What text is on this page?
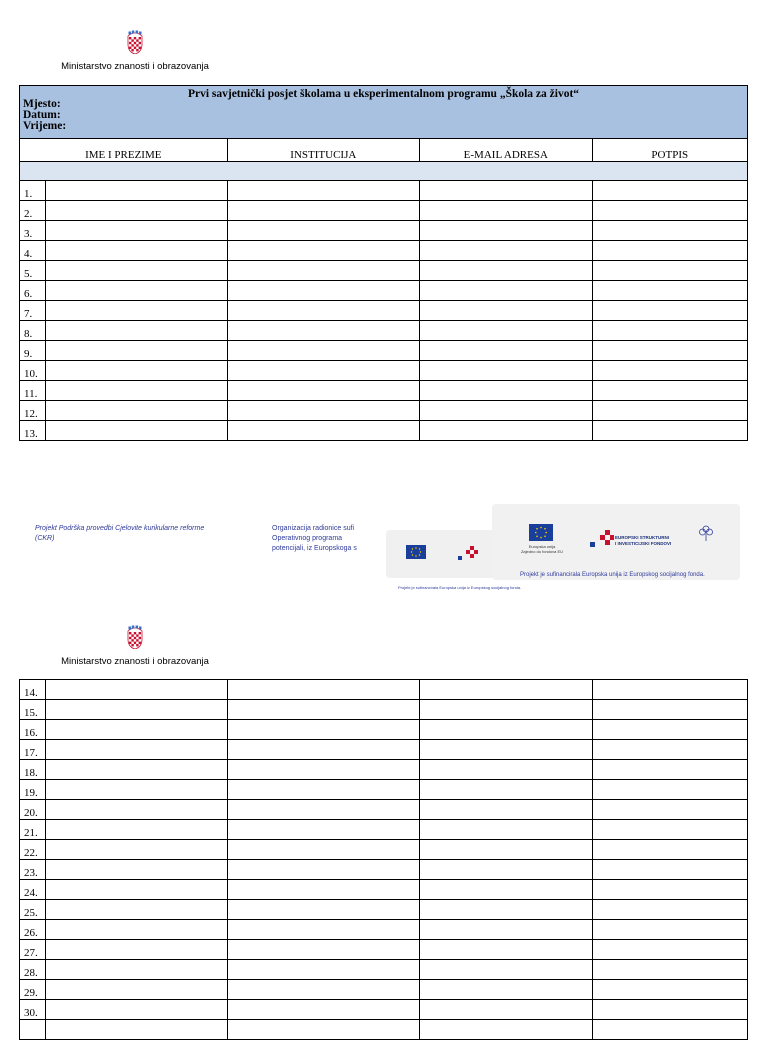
Ministarstvo znanosti i obrazovanja
Prvi savjetnički posjet školama u eksperimentalnom programu „Škola za život“
Mjesto:
Datum:
Vrijeme:				

IME I PREZIME		INSTITUCIJA	E-MAIL ADRESA	POTPIS

1.				
2.				
3.				
4.				
5.				
6.				
7.				
8.				
9.				
10.				
11.				
12.				
13.				
Projekt Podrška provedbi Cjelovite kurikularne reforme (CKR)
Organizacija radionice sufi
Operativnog programa
potencijali, iz Europskoga s	Europska unija
Zajedno do fondova EU
EUROPSKI STRUKTURNI
I INVESTICIJSKI FONDOVI
Projekt je sufinancirala Europska unija iz Europskog socijalnog fonda.
Projekt je sufinancirala Europska unija iz Europskog socijalnog fonda.
Ministarstvo znanosti i obrazovanja
14.				
15.				
16.				
17.				
18.				
19.				
20.				
21.				
22.				
23.				
24.				
25.				
26.				
27.				
28.				
29.				
30.				
